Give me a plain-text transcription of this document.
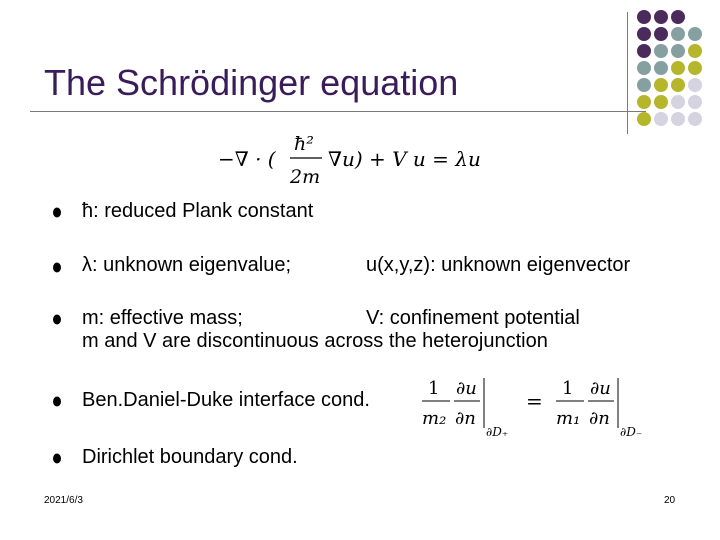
The Schrödinger equation
−∇ · (
ħ²
2m
∇u) + V u = λu
ħ: reduced Plank constant
λ: unknown eigenvalue;	u(x,y,z): unknown eigenvector
m: effective mass;	V: confinement potential
m and V are discontinuous across the heterojunction
Ben.Daniel-Duke interface cond.
1
m₂
∂u
∂n
∂D₊
=
1
m₁
∂u
∂n
∂D₋
Dirichlet boundary cond.
2021/6/3	20
